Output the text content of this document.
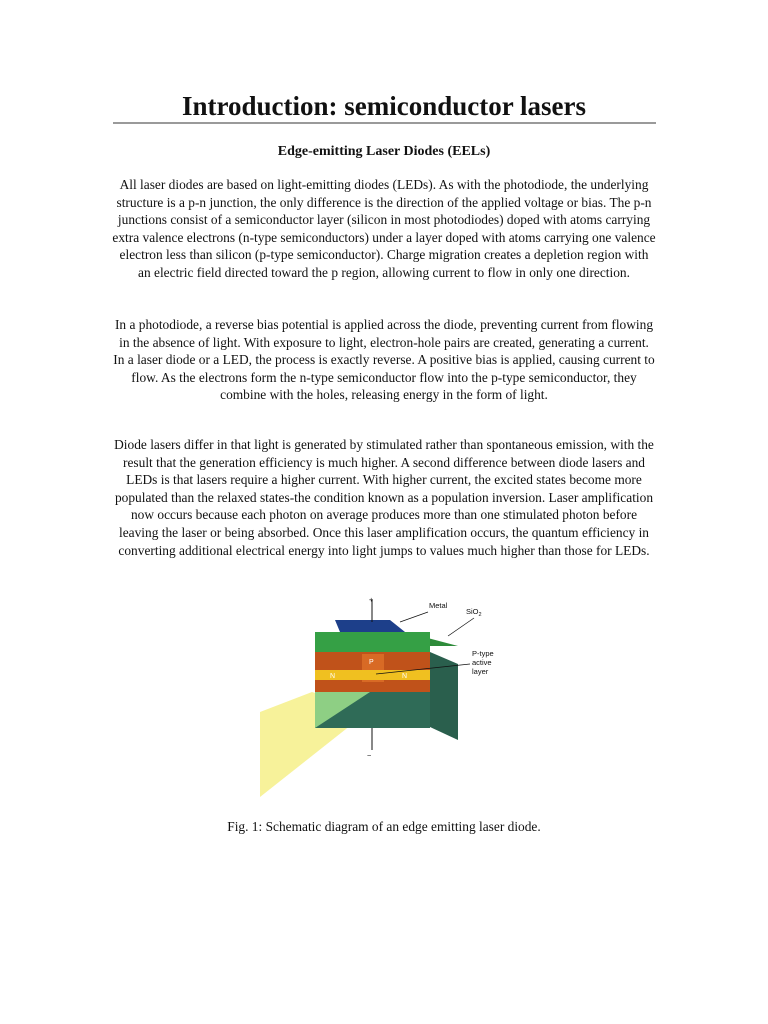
Introduction: semiconductor lasers
Edge-emitting Laser Diodes (EELs)

All laser diodes are based on light-emitting diodes (LEDs). As with the photodiode, the underlying structure is a p-n junction, the only difference is the direction of the applied voltage or bias. The p-n junctions consist of a semiconductor layer (silicon in most photodiodes) doped with atoms carrying extra valence electrons (n-type semiconductors) under a layer doped with atoms carrying one valence electron less than silicon (p-type semiconductor). Charge migration creates a depletion region with an electric field directed toward the p region, allowing current to flow in only one direction.

In a photodiode, a reverse bias potential is applied across the diode, preventing current from flowing in the absence of light. With exposure to light, electron-hole pairs are created, generating a current. In a laser diode or a LED, the process is exactly reverse. A positive bias is applied, causing current to flow. As the electrons form the n-type semiconductor flow into the p-type semiconductor, they combine with the holes, releasing energy in the form of light.

Diode lasers differ in that light is generated by stimulated rather than spontaneous emission, with the result that the generation efficiency is much higher. A second difference between diode lasers and LEDs is that lasers require a higher current. With higher current, the excited states become more populated than the relaxed states-the condition known as a population inversion. Laser amplification now occurs because each photon on average produces more than one stimulated photon before leaving the laser or being absorbed. Once this laser amplification occurs, the quantum efficiency in converting additional electrical energy into light jumps to values much higher than those for LEDs.

+
−
Metal
SiO$_2$
P
N	N
P-type
active
layer
Fig. 1: Schematic diagram of an edge emitting laser diode.
